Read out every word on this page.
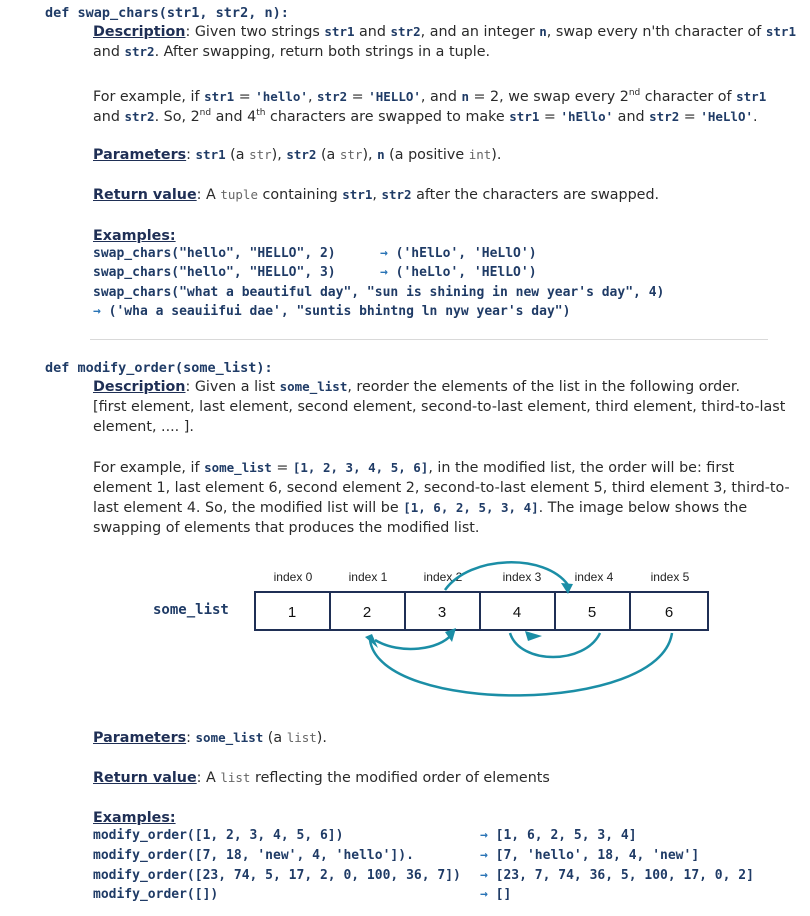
def swap_chars(str1, str2, n):
Description: Given two strings str1 and str2, and an integer n, swap every n'th character of str1
and str2. After swapping, return both strings in a tuple.
For example, if str1 = 'hello', str2 = 'HELLO', and n = 2, we swap every 2nd character of str1
and str2. So, 2nd and 4th characters are swapped to make str1 = 'hEllo' and str2 = 'HeLlO'.
Parameters: str1 (a str), str2 (a str), n (a positive int).
Return value: A tuple containing str1, str2 after the characters are swapped.
Examples:
swap_chars("hello", "HELLO", 2)	→ ('hElLo', 'HeLlO')
swap_chars("hello", "HELLO", 3)	→ ('heLlo', 'HElLO')
swap_chars("what a beautiful day", "sun is shining in new year's day", 4)
→ ('wha a seauiifui dae', "suntis bhintng ln nyw year's day")
def modify_order(some_list):
Description: Given a list some_list, reorder the elements of the list in the following order.
[first element, last element, second element, second-to-last element, third element, third-to-last
element, .... ].
For example, if some_list = [1, 2, 3, 4, 5, 6], in the modified list, the order will be: first
element 1, last element 6, second element 2, second-to-last element 5, third element 3, third-to-
last element 4. So, the modified list will be [1, 6, 2, 5, 3, 4]. The image below shows the
swapping of elements that produces the modified list.
some_list
index 0	index 1	index 2	index 3	index 4	index 5
1	2	3	4	5	6
Parameters: some_list (a list).
Return value: A list reflecting the modified order of elements
Examples:
modify_order([1, 2, 3, 4, 5, 6])	→ [1, 6, 2, 5, 3, 4]
modify_order([7, 18, 'new', 4, 'hello']).	→ [7, 'hello', 18, 4, 'new']
modify_order([23, 74, 5, 17, 2, 0, 100, 36, 7]) → [23, 7, 74, 36, 5, 100, 17, 0, 2]
modify_order([])	→ []
